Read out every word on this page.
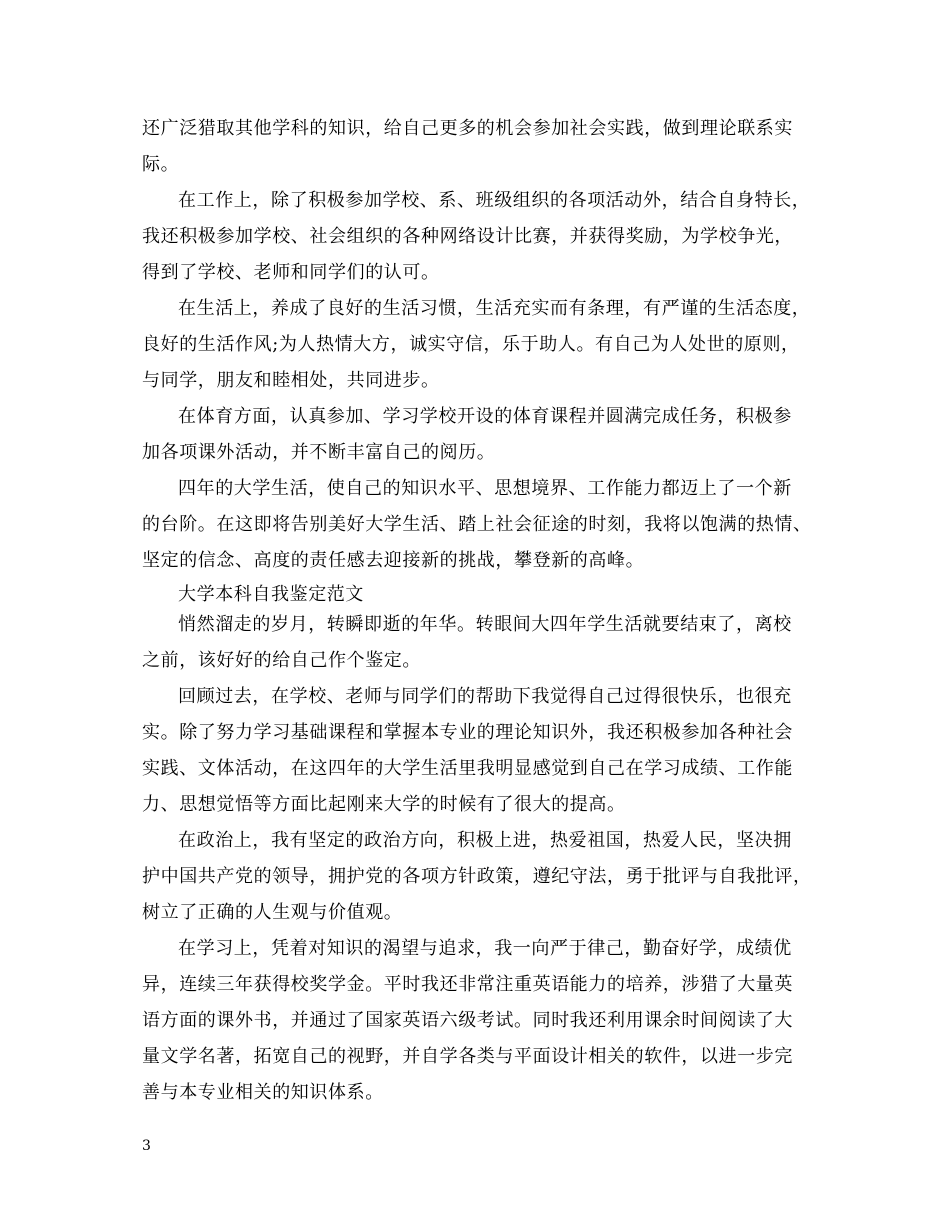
还广泛猎取其他学科的知识，给自己更多的机会参加社会实践，做到理论联系实
际。
在工作上，除了积极参加学校、系、班级组织的各项活动外，结合自身特长，
我还积极参加学校、社会组织的各种网络设计比赛，并获得奖励，为学校争光，
得到了学校、老师和同学们的认可。
在生活上，养成了良好的生活习惯，生活充实而有条理，有严谨的生活态度，
良好的生活作风;为人热情大方，诚实守信，乐于助人。有自己为人处世的原则，
与同学，朋友和睦相处，共同进步。
在体育方面，认真参加、学习学校开设的体育课程并圆满完成任务，积极参
加各项课外活动，并不断丰富自己的阅历。
四年的大学生活，使自己的知识水平、思想境界、工作能力都迈上了一个新
的台阶。在这即将告别美好大学生活、踏上社会征途的时刻，我将以饱满的热情、
坚定的信念、高度的责任感去迎接新的挑战，攀登新的高峰。
大学本科自我鉴定范文
悄然溜走的岁月，转瞬即逝的年华。转眼间大四年学生活就要结束了，离校
之前，该好好的给自己作个鉴定。
回顾过去，在学校、老师与同学们的帮助下我觉得自己过得很快乐，也很充
实。除了努力学习基础课程和掌握本专业的理论知识外，我还积极参加各种社会
实践、文体活动，在这四年的大学生活里我明显感觉到自己在学习成绩、工作能
力、思想觉悟等方面比起刚来大学的时候有了很大的提高。
在政治上，我有坚定的政治方向，积极上进，热爱祖国，热爱人民，坚决拥
护中国共产党的领导，拥护党的各项方针政策，遵纪守法，勇于批评与自我批评，
树立了正确的人生观与价值观。
在学习上，凭着对知识的渴望与追求，我一向严于律己，勤奋好学，成绩优
异，连续三年获得校奖学金。平时我还非常注重英语能力的培养，涉猎了大量英
语方面的课外书，并通过了国家英语六级考试。同时我还利用课余时间阅读了大
量文学名著，拓宽自己的视野，并自学各类与平面设计相关的软件，以进一步完
善与本专业相关的知识体系。
3
